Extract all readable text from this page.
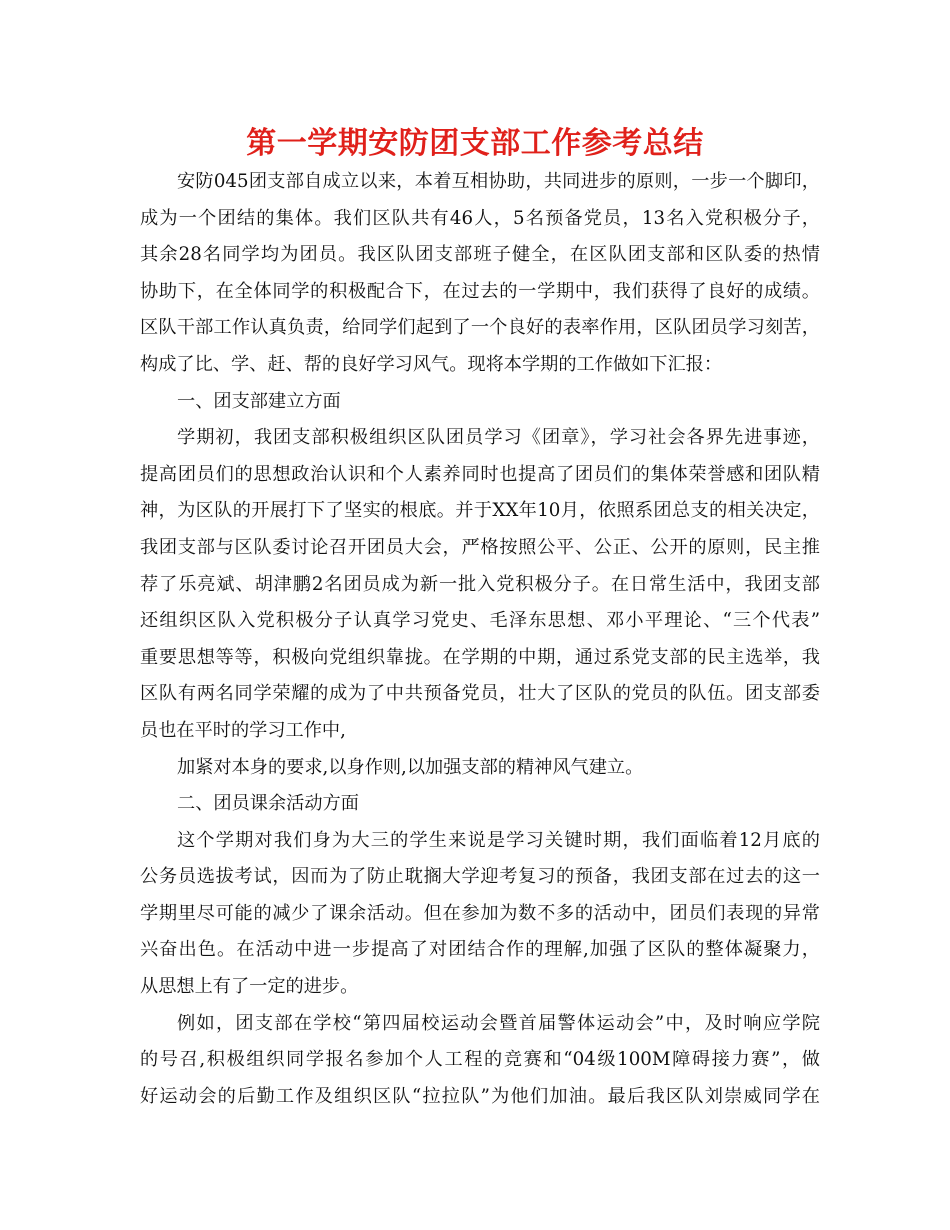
第一学期安防团支部工作参考总结
安防045团支部自成立以来，本着互相协助，共同进步的原则，一步一个脚印，
成为一个团结的集体。我们区队共有46人，5名预备党员，13名入党积极分子，
其余28名同学均为团员。我区队团支部班子健全，在区队团支部和区队委的热情
协助下，在全体同学的积极配合下，在过去的一学期中，我们获得了良好的成绩。
区队干部工作认真负责，给同学们起到了一个良好的表率作用，区队团员学习刻苦，
构成了比、学、赶、帮的良好学习风气。现将本学期的工作做如下汇报：
一、团支部建立方面
学期初，我团支部积极组织区队团员学习《团章》，学习社会各界先进事迹，
提高团员们的思想政治认识和个人素养同时也提高了团员们的集体荣誉感和团队精
神，为区队的开展打下了坚实的根底。并于XX年10月，依照系团总支的相关决定，
我团支部与区队委讨论召开团员大会，严格按照公平、公正、公开的原则，民主推
荐了乐亮斌、胡津鹏2名团员成为新一批入党积极分子。在日常生活中，我团支部
还组织区队入党积极分子认真学习党史、毛泽东思想、邓小平理论、“三个代表”
重要思想等等，积极向党组织靠拢。在学期的中期，通过系党支部的民主选举，我
区队有两名同学荣耀的成为了中共预备党员，壮大了区队的党员的队伍。团支部委
员也在平时的学习工作中,
加紧对本身的要求,以身作则,以加强支部的精神风气建立。
二、团员课余活动方面
这个学期对我们身为大三的学生来说是学习关键时期，我们面临着12月底的
公务员选拔考试，因而为了防止耽搁大学迎考复习的预备，我团支部在过去的这一
学期里尽可能的减少了课余活动。但在参加为数不多的活动中，团员们表现的异常
兴奋出色。在活动中进一步提高了对团结合作的理解,加强了区队的整体凝聚力，
从思想上有了一定的进步。
例如，团支部在学校“第四届校运动会暨首届警体运动会”中，及时响应学院
的号召,积极组织同学报名参加个人工程的竞赛和“04级100M障碍接力赛”，做
好运动会的后勤工作及组织区队“拉拉队”为他们加油。最后我区队刘崇威同学在
